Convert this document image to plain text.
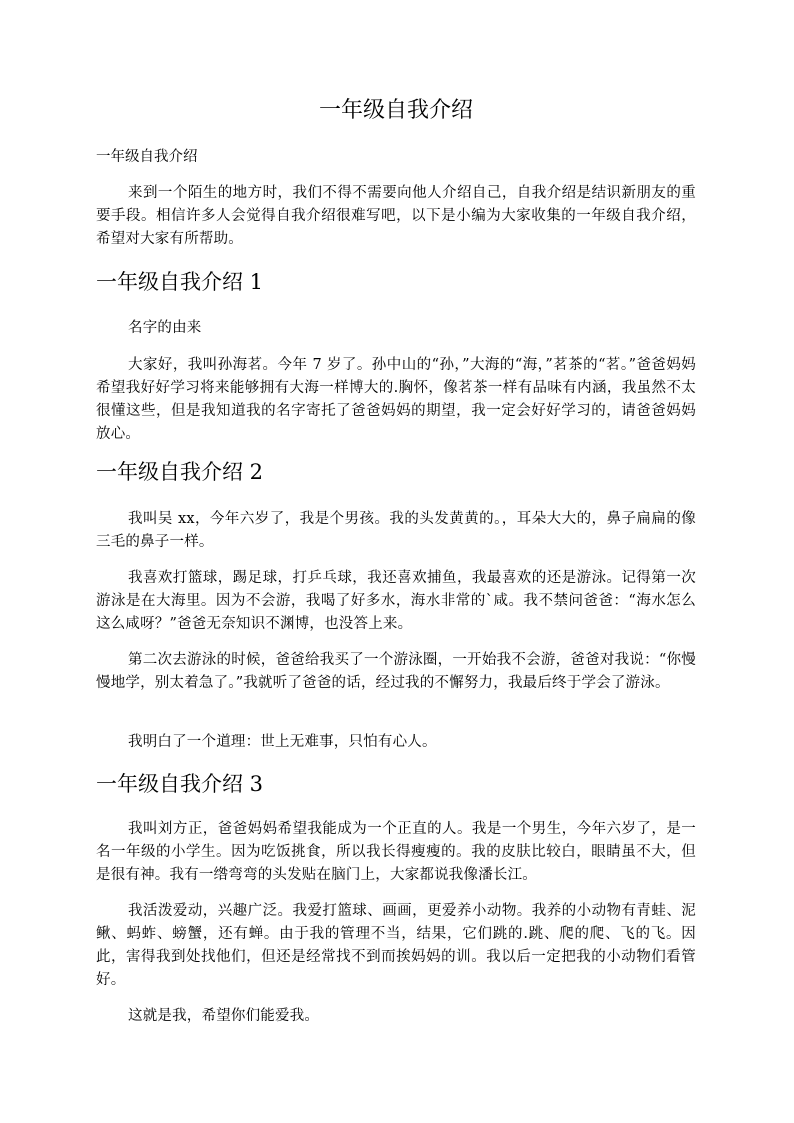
一年级自我介绍

一年级自我介绍

来到一个陌生的地方时，我们不得不需要向他人介绍自己，自我介绍是结识新朋友的重要手段。相信许多人会觉得自我介绍很难写吧，以下是小编为大家收集的一年级自我介绍，希望对大家有所帮助。

一年级自我介绍 1

名字的由来

大家好，我叫孙海茗。今年 7 岁了。孙中山的“孙，”大海的“海，”茗茶的“茗。”爸爸妈妈希望我好好学习将来能够拥有大海一样博大的.胸怀，像茗茶一样有品味有内涵，我虽然不太很懂这些，但是我知道我的名字寄托了爸爸妈妈的期望，我一定会好好学习的，请爸爸妈妈放心。

一年级自我介绍 2

我叫吴 xx，今年六岁了，我是个男孩。我的头发黄黄的。，耳朵大大的，鼻子扁扁的像三毛的鼻子一样。

我喜欢打篮球，踢足球，打乒乓球，我还喜欢捕鱼，我最喜欢的还是游泳。记得第一次游泳是在大海里。因为不会游，我喝了好多水，海水非常的`咸。我不禁问爸爸：“海水怎么这么咸呀？”爸爸无奈知识不渊博，也没答上来。

第二次去游泳的时候，爸爸给我买了一个游泳圈，一开始我不会游，爸爸对我说：“你慢慢地学，别太着急了。”我就听了爸爸的话，经过我的不懈努力，我最后终于学会了游泳。

我明白了一个道理：世上无难事，只怕有心人。

一年级自我介绍 3

我叫刘方正，爸爸妈妈希望我能成为一个正直的人。我是一个男生，今年六岁了，是一名一年级的小学生。因为吃饭挑食，所以我长得瘦瘦的。我的皮肤比较白，眼睛虽不大，但是很有神。我有一绺弯弯的头发贴在脑门上，大家都说我像潘长江。

我活泼爱动，兴趣广泛。我爱打篮球、画画，更爱养小动物。我养的小动物有青蛙、泥鳅、蚂蚱、螃蟹，还有蝉。由于我的管理不当，结果，它们跳的.跳、爬的爬、飞的飞。因此，害得我到处找他们，但还是经常找不到而挨妈妈的训。我以后一定把我的小动物们看管好。

这就是我，希望你们能爱我。
